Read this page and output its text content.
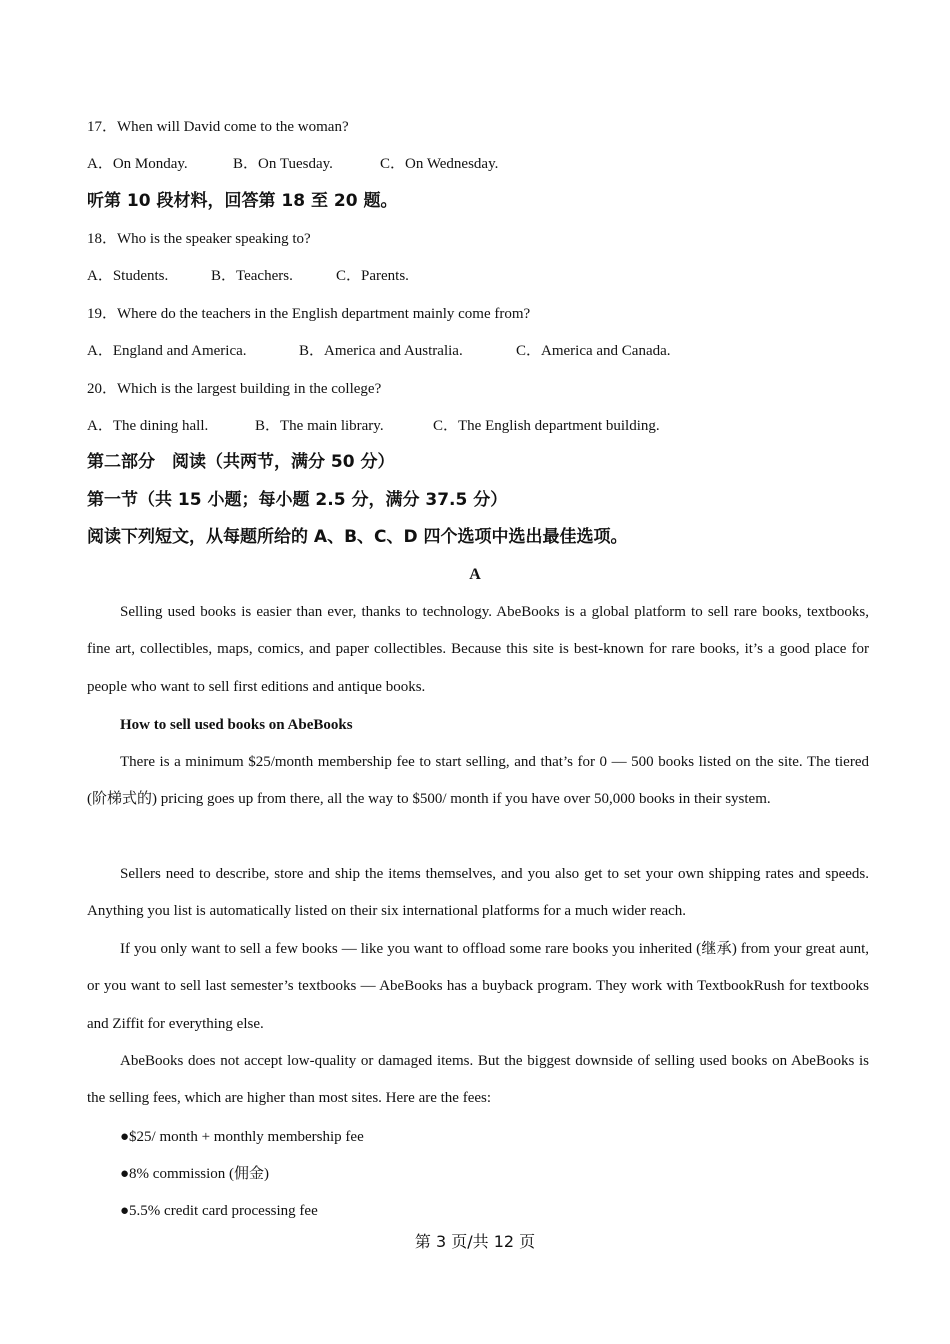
17．When will David come to the woman?
A．On Monday.	B．On Tuesday.	C．On Wednesday.
听第 10 段材料，回答第 18 至 20 题。
18．Who is the speaker speaking to?
A．Students.	B．Teachers.	C．Parents.
19．Where do the teachers in the English department mainly come from?
A．England and America.	B．America and Australia.	C．America and Canada.
20．Which is the largest building in the college?
A．The dining hall.	B．The main library.	C．The English department building.
第二部分　阅读（共两节，满分 50 分）
第一节（共 15 小题；每小题 2.5 分，满分 37.5 分）
阅读下列短文，从每题所给的 A、B、C、D 四个选项中选出最佳选项。
A
Selling used books is easier than ever, thanks to technology. AbeBooks is a global platform to sell rare books, textbooks, fine art, collectibles, maps, comics, and paper collectibles. Because this site is best-known for rare books, it’s a good place for people who want to sell first editions and antique books.
How to sell used books on AbeBooks
There is a minimum $25/month membership fee to start selling, and that’s for 0 — 500 books listed on the site. The tiered (阶梯式的) pricing goes up from there, all the way to $500/ month if you have over 50,000 books in their system.
Sellers need to describe, store and ship the items themselves, and you also get to set your own shipping rates and speeds. Anything you list is automatically listed on their six international platforms for a much wider reach.
If you only want to sell a few books — like you want to offload some rare books you inherited (继承) from your great aunt, or you want to sell last semester’s textbooks — AbeBooks has a buyback program. They work with TextbookRush for textbooks and Ziffit for everything else.
AbeBooks does not accept low-quality or damaged items. But the biggest downside of selling used books on AbeBooks is the selling fees, which are higher than most sites. Here are the fees:
●$25/ month + monthly membership fee
●8% commission (佣金)
●5.5% credit card processing fee
第 3 页/共 12 页
